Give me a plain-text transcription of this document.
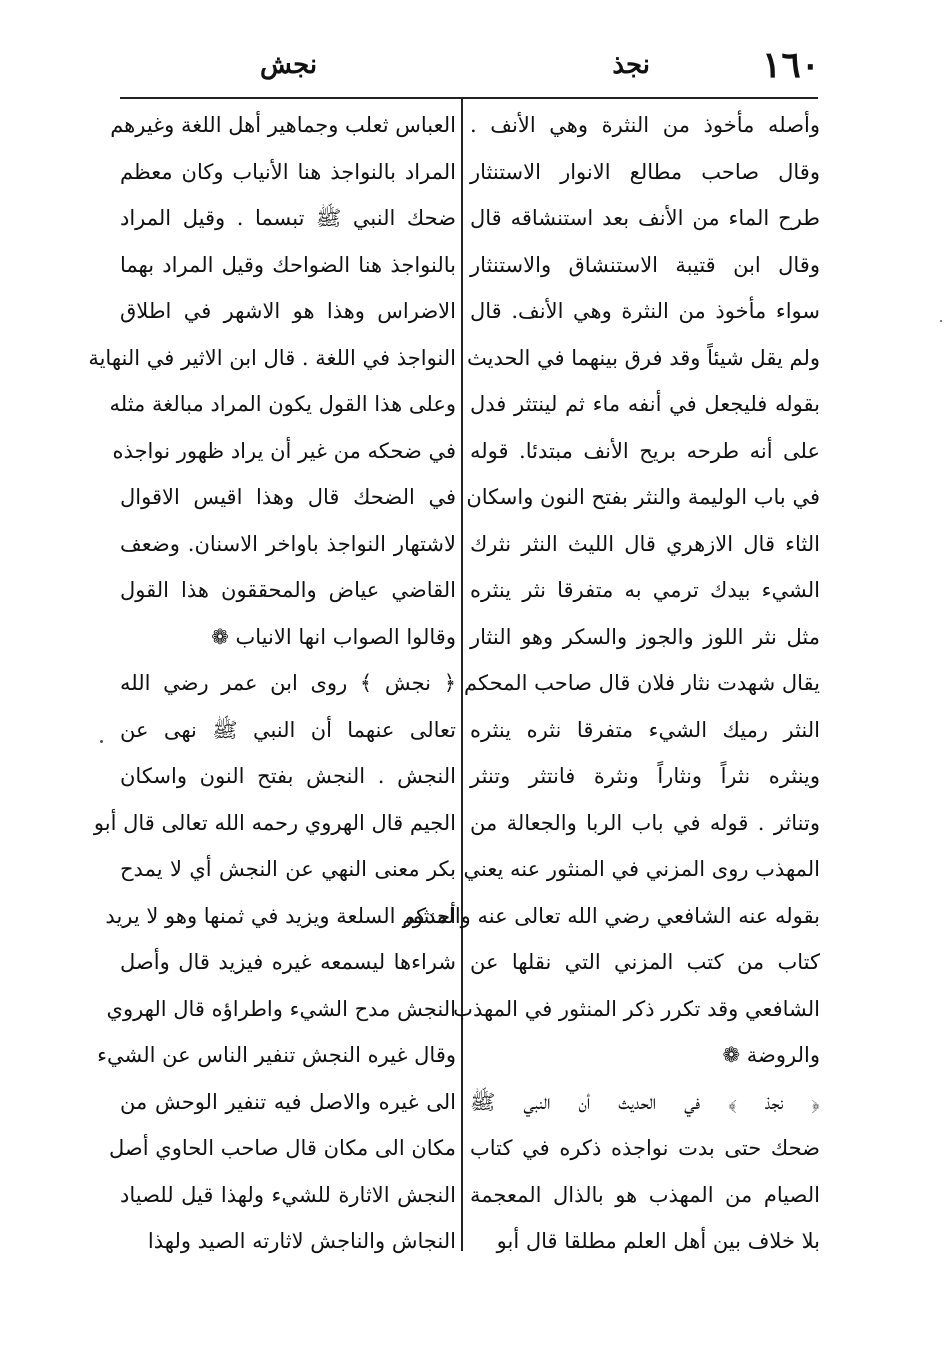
١٦٠
نجذ
نجش
وأصله مأخوذ من النثرة وهي الأنف .
وقال صاحب مطالع الانوار الاستنثار
طرح الماء من الأنف بعد استنشاقه قال
وقال ابن قتيبة الاستنشاق والاستنثار
سواء مأخوذ من النثرة وهي الأنف. قال
ولم يقل شيئاً وقد فرق بينهما في الحديث
بقوله فليجعل في أنفه ماء ثم لينتثر فدل
على أنه طرحه بريح الأنف مبتدئا. قوله
في باب الوليمة والنثر بفتح النون واسكان
الثاء قال الازهري قال الليث النثر نثرك
الشيء بيدك ترمي به متفرقا نثر ينثره
مثل نثر اللوز والجوز والسكر وهو النثار
يقال شهدت نثار فلان قال صاحب المحكم
النثر رميك الشيء متفرقا نثره ينثره
وينثره نثراً ونثاراً ونثرة فانتثر وتنثر
وتناثر . قوله في باب الربا والجعالة من
المهذب روى المزني في المنثور عنه يعني
بقوله عنه الشافعي رضي الله تعالى عنه والمنثور
كتاب من كتب المزني التي نقلها عن
الشافعي وقد تكرر ذكر المنثور في المهذب
والروضة ❁
﴿ نجذ ﴾ في الحديث أن النبي ﷺ
ضحك حتى بدت نواجذه ذكره في كتاب
الصيام من المهذب هو بالذال المعجمة
بلا خلاف بين أهل العلم مطلقا قال أبو
العباس ثعلب وجماهير أهل اللغة وغيرهم
المراد بالنواجذ هنا الأنياب وكان معظم
ضحك النبي ﷺ تبسما . وقيل المراد
بالنواجذ هنا الضواحك وقيل المراد بهما
الاضراس وهذا هو الاشهر في اطلاق
النواجذ في اللغة . قال ابن الاثير في النهاية
وعلى هذا القول يكون المراد مبالغة مثله
في ضحكه من غير أن يراد ظهور نواجذه
في الضحك قال وهذا اقيس الاقوال
لاشتهار النواجذ باواخر الاسنان. وضعف
القاضي عياض والمحققون هذا القول
وقالوا الصواب انها الانياب ❁
﴿ نجش ﴾ روى ابن عمر رضي الله
تعالى عنهما أن النبي ﷺ نهى عن
النجش . النجش بفتح النون واسكان
الجيم قال الهروي رحمه الله تعالى قال أبو
بكر معنى النهي عن النجش أي لا يمدح
أحدكم السلعة ويزيد في ثمنها وهو لا يريد
شراءها ليسمعه غيره فيزيد قال وأصل
النجش مدح الشيء واطراؤه قال الهروي
وقال غيره النجش تنفير الناس عن الشيء
الى غيره والاصل فيه تنفير الوحش من
مكان الى مكان قال صاحب الحاوي أصل
النجش الاثارة للشيء ولهذا قيل للصياد
النجاش والناجش لاثارته الصيد ولهذا
